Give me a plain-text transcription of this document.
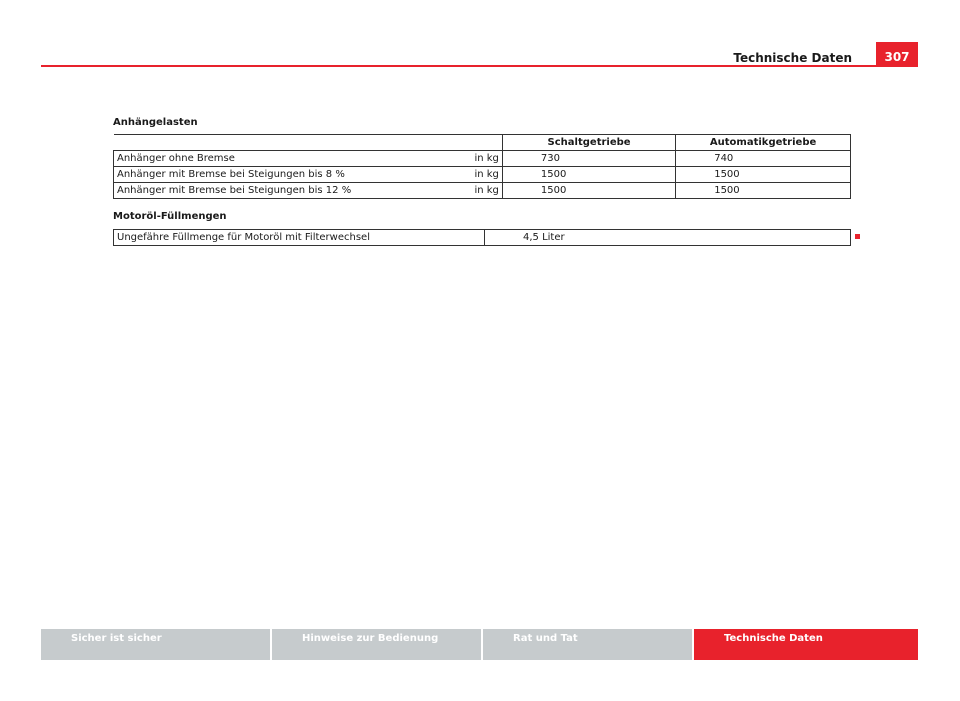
Technische Daten	307
Anhängelasten
		Schaltgetriebe	Automatikgetriebe
Anhänger ohne Bremse	in kg	730	740
Anhänger mit Bremse bei Steigungen bis 8 %	in kg	1500	1500
Anhänger mit Bremse bei Steigungen bis 12 %	in kg	1500	1500
Motoröl-Füllmengen
Ungefähre Füllmenge für Motoröl mit Filterwechsel	4,5 Liter
Sicher ist sicher	Hinweise zur Bedienung	Rat und Tat	Technische Daten
